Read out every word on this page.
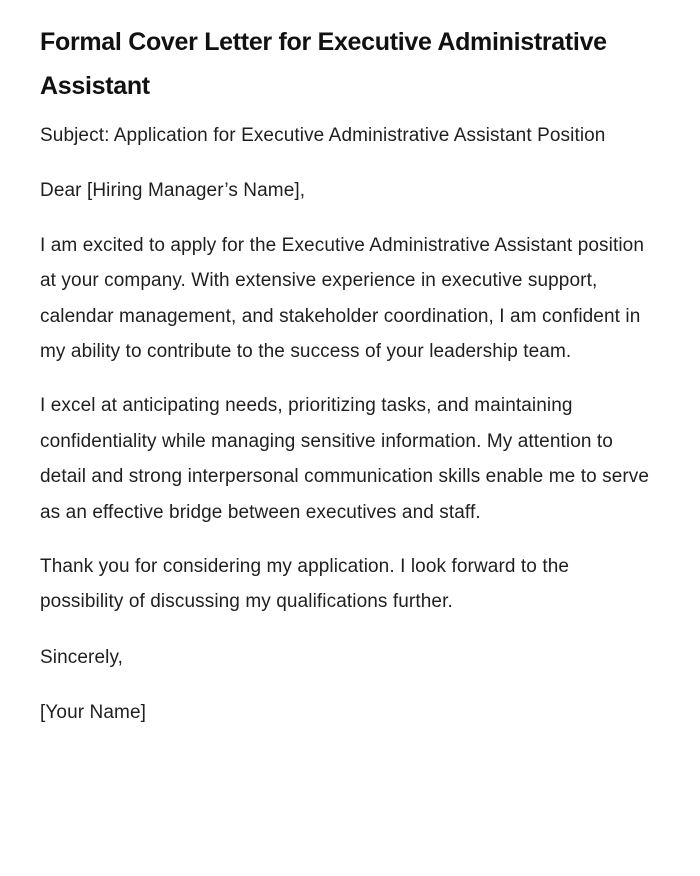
Formal Cover Letter for Executive Administrative Assistant

Subject: Application for Executive Administrative Assistant Position

Dear [Hiring Manager’s Name],

I am excited to apply for the Executive Administrative Assistant position at your company. With extensive experience in executive support, calendar management, and stakeholder coordination, I am confident in my ability to contribute to the success of your leadership team.

I excel at anticipating needs, prioritizing tasks, and maintaining confidentiality while managing sensitive information. My attention to detail and strong interpersonal communication skills enable me to serve as an effective bridge between executives and staff.

Thank you for considering my application. I look forward to the possibility of discussing my qualifications further.

Sincerely,

[Your Name]
